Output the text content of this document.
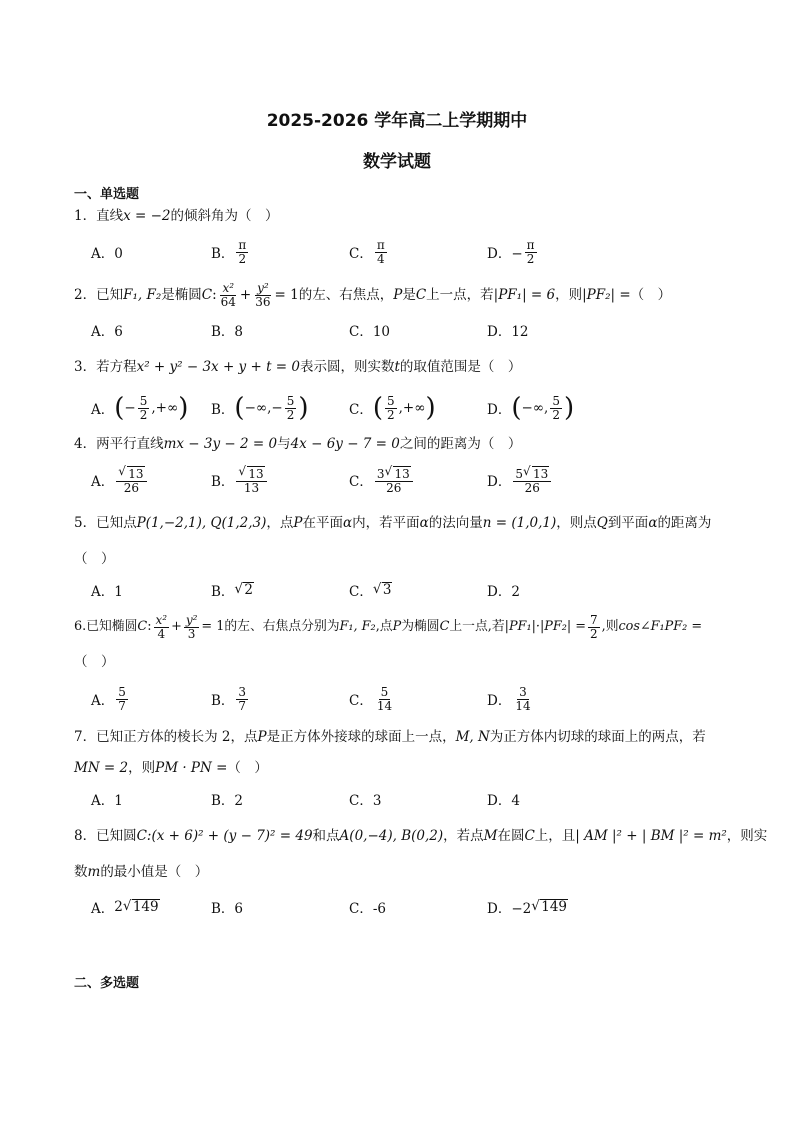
2025-2026 学年高二上学期期中
数学试题
一、单选题
1．直线x = −2的倾斜角为（　）
A．0	B． $\frac{\pi}{2}$	C． $\frac{\pi}{4}$	D．− $\frac{\pi}{2}$
2．已知 F₁, F₂ 是椭圆 C : $\frac{\text{x²}}{64} + \frac{\text{y²}}{36} = 1$ 的左、右焦点， P 是 C 上一点，若 |PF₁| = 6 ，则 |PF₂| = （　）
A．6	B．8	C．10	D．12
3．若方程x² + y² − 3x + y + t = 0表示圆，则实数t的取值范围是（　）
A． ( − $\frac{5}{2}$ ,+∞ ) B． ( −∞,− $\frac{5}{2}$ )	C． ( $\frac{5}{2}$ ,+∞ )	D． ( −∞, $\frac{5}{2}$ )
4．两平行直线mx − 3y − 2 = 0与4x − 6y − 7 = 0之间的距离为（　）
A． √ $\frac{13}{26}$	B． √ $\frac{13}{13}$	C． $\frac{3 √ 13}{26}$	D． $\frac{5 √ 13}{26}$
5．已知点P(1,−2,1), Q(1,2,3)，点P在平面α内，若平面α的法向量n = (1,0,1)，则点Q到平面α的距离为
（　）
A．1	B． √ 2	C． √ 3	D．2
6.已知椭圆 C : $\frac{\text{x²}}{4} + \frac{\text{y²}}{3} = 1$ 的左、右焦点分别为 F₁, F₂ ,点 P 为椭圆 C 上一点,若 $|PF_1|\cdot|PF_2| = \frac{7}{2}$ ,则 cos∠F₁PF₂ =
（　）
A． $\frac{5}{7}$	B． $\frac{3}{7}$	C． $\frac{5}{14}$	D． $\frac{3}{14}$
7．已知正方体的棱长为 2，点P是正方体外接球的球面上一点，M, N为正方体内切球的球面上的两点，若
MN = 2，则PM · PN =（　）
A．1	B．2	C．3	D．4
8．已知圆C:(x + 6)² + (y − 7)² = 49和点A(0,−4), B(0,2)，若点M在圆C上，且| AM |² + | BM |² = m²，则实
数m的最小值是（　）
A． 2 √ 149	B．6	C．-6	D．−2 √ 149
二、多选题
